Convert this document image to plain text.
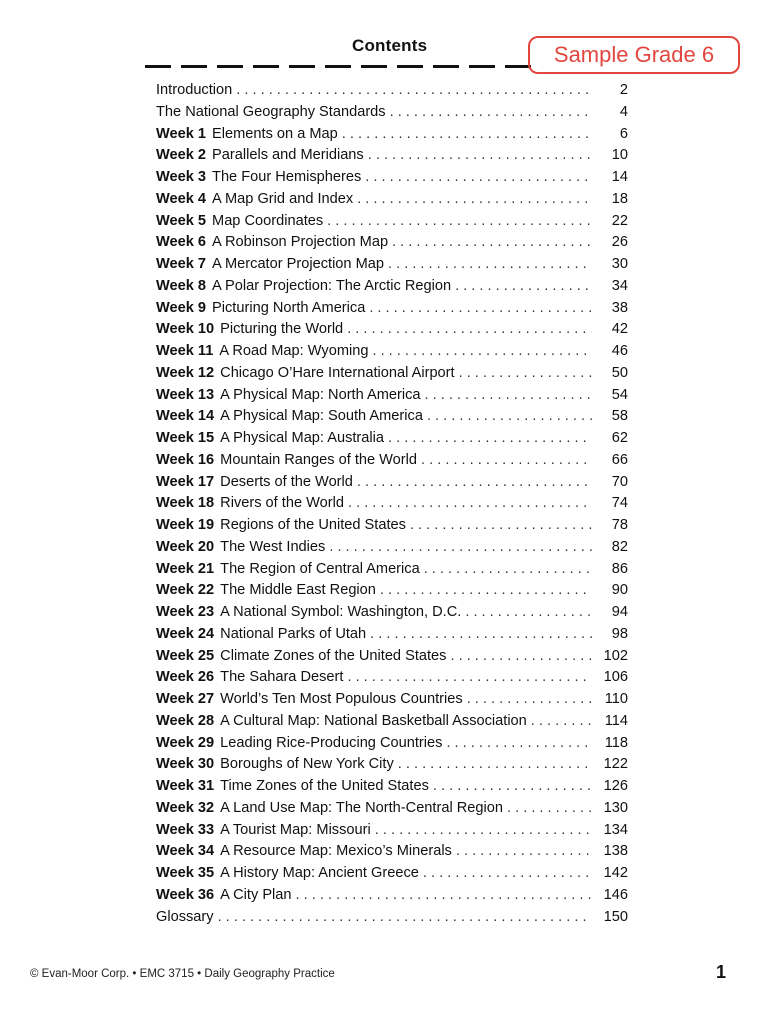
Contents	Sample Grade 6
Introduction . . .	2
The National Geography Standards . . .	4
Week 1 Elements on a Map . . .	6
Week 2 Parallels and Meridians . . .	10
Week 3 The Four Hemispheres . . .	14
Week 4 A Map Grid and Index . . .	18
Week 5 Map Coordinates . . .	22
Week 6 A Robinson Projection Map . . .	26
Week 7 A Mercator Projection Map . . .	30
Week 8 A Polar Projection: The Arctic Region . . .	34
Week 9 Picturing North America . . .	38
Week 10 Picturing the World . . .	42
Week 11 A Road Map: Wyoming . . .	46
Week 12 Chicago O’Hare International Airport . . .	50
Week 13 A Physical Map: North America . . .	54
Week 14 A Physical Map: South America . . .	58
Week 15 A Physical Map: Australia . . .	62
Week 16 Mountain Ranges of the World . . .	66
Week 17 Deserts of the World . . .	70
Week 18 Rivers of the World . . .	74
Week 19 Regions of the United States . . .	78
Week 20 The West Indies . . .	82
Week 21 The Region of Central America . . .	86
Week 22 The Middle East Region . . .	90
Week 23 A National Symbol: Washington, D.C. . . .	94
Week 24 National Parks of Utah . . .	98
Week 25 Climate Zones of the United States . . .	102
Week 26 The Sahara Desert . . .	106
Week 27 World’s Ten Most Populous Countries . . .	110
Week 28 A Cultural Map: National Basketball Association . . .	114
Week 29 Leading Rice-Producing Countries . . .	118
Week 30 Boroughs of New York City . . .	122
Week 31 Time Zones of the United States . . .	126
Week 32 A Land Use Map: The North-Central Region . . .	130
Week 33 A Tourist Map: Missouri . . .	134
Week 34 A Resource Map: Mexico’s Minerals . . .	138
Week 35 A History Map: Ancient Greece . . .	142
Week 36 A City Plan . . .	146
Glossary . . .	150
© Evan-Moor Corp. • EMC 3715 • Daily Geography Practice	1
